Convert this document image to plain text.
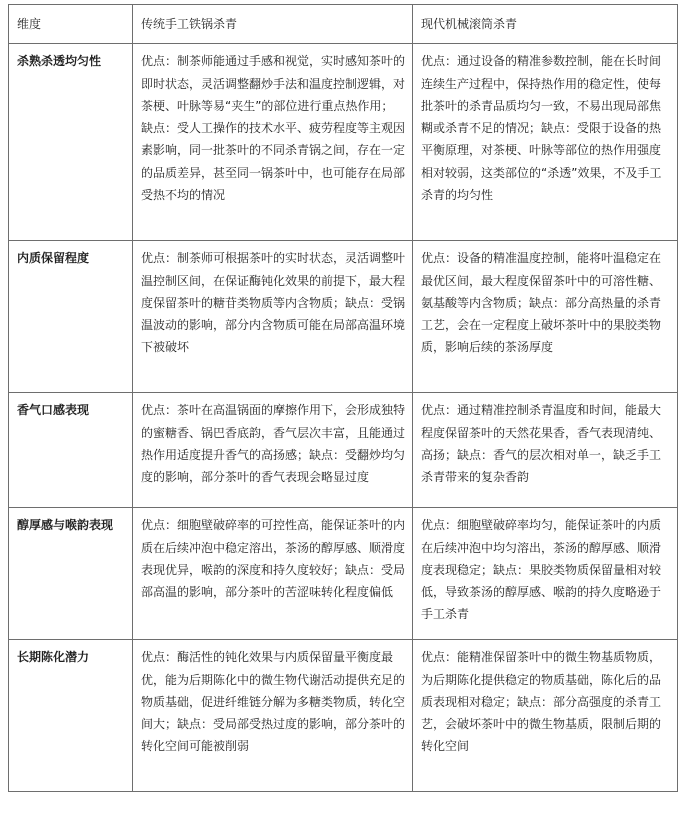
维度	传统手工铁锅杀青	现代机械滚筒杀青
杀熟杀透均匀性	优点：制茶师能通过手感和视觉，实时感知茶叶的即时状态，灵活调整翻炒手法和温度控制逻辑，对茶梗、叶脉等易“夹生”的部位进行重点热作用；缺点：受人工操作的技术水平、疲劳程度等主观因素影响，同一批茶叶的不同杀青锅之间，存在一定的品质差异，甚至同一锅茶叶中，也可能存在局部受热不均的情况	优点：通过设备的精准参数控制，能在长时间连续生产过程中，保持热作用的稳定性，使每批茶叶的杀青品质均匀一致，不易出现局部焦糊或杀青不足的情况；缺点：受限于设备的热平衡原理，对茶梗、叶脉等部位的热作用强度相对较弱，这类部位的“杀透”效果，不及手工杀青的均匀性
内质保留程度	优点：制茶师可根据茶叶的实时状态，灵活调整叶温控制区间，在保证酶钝化效果的前提下，最大程度保留茶叶的糖苷类物质等内含物质；缺点：受锅温波动的影响，部分内含物质可能在局部高温环境下被破坏	优点：设备的精准温度控制，能将叶温稳定在最优区间，最大程度保留茶叶中的可溶性糖、氨基酸等内含物质；缺点：部分高热量的杀青工艺，会在一定程度上破坏茶叶中的果胶类物质，影响后续的茶汤厚度
香气口感表现	优点：茶叶在高温锅面的摩擦作用下，会形成独特的蜜糖香、锅巴香底韵，香气层次丰富，且能通过热作用适度提升香气的高扬感；缺点：受翻炒均匀度的影响，部分茶叶的香气表现会略显过度	优点：通过精准控制杀青温度和时间，能最大程度保留茶叶的天然花果香，香气表现清纯、高扬；缺点：香气的层次相对单一，缺乏手工杀青带来的复杂香韵
醇厚感与喉韵表现	优点：细胞壁破碎率的可控性高，能保证茶叶的内质在后续冲泡中稳定溶出，茶汤的醇厚感、顺滑度表现优异，喉韵的深度和持久度较好；缺点：受局部高温的影响，部分茶叶的苦涩味转化程度偏低	优点：细胞壁破碎率均匀，能保证茶叶的内质在后续冲泡中均匀溶出，茶汤的醇厚感、顺滑度表现稳定；缺点：果胶类物质保留量相对较低，导致茶汤的醇厚感、喉韵的持久度略逊于手工杀青
长期陈化潜力	优点：酶活性的钝化效果与内质保留量平衡度最优，能为后期陈化中的微生物代谢活动提供充足的物质基础，促进纤维链分解为多糖类物质，转化空间大；缺点：受局部受热过度的影响，部分茶叶的转化空间可能被削弱	优点：能精准保留茶叶中的微生物基质物质，为后期陈化提供稳定的物质基础，陈化后的品质表现相对稳定；缺点：部分高强度的杀青工艺，会破坏茶叶中的微生物基质，限制后期的转化空间
